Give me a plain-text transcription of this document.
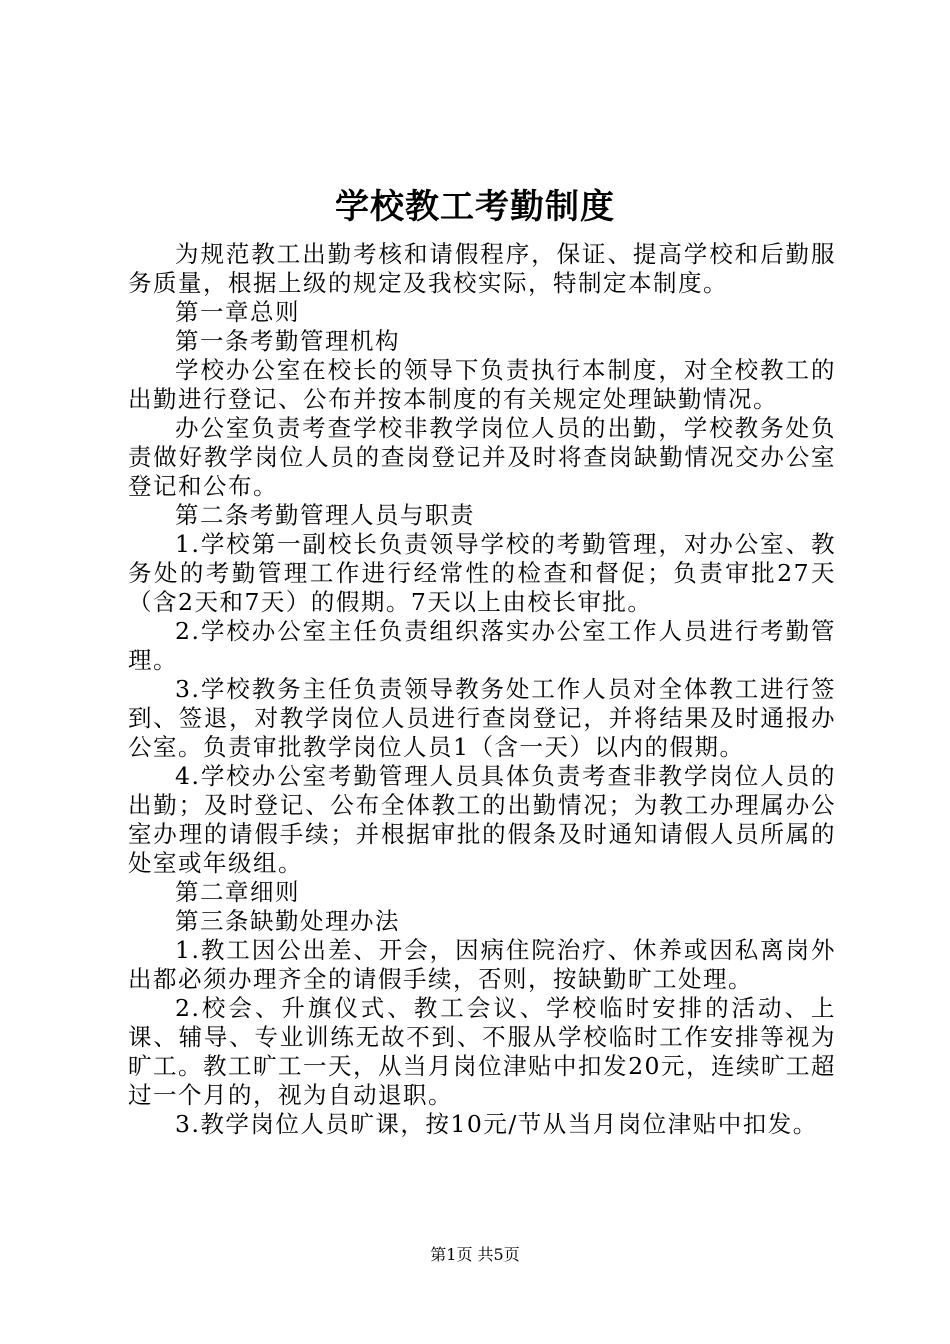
学校教工考勤制度

为规范教工出勤考核和请假程序，保证、提高学校和后勤服务质量，根据上级的规定及我校实际，特制定本制度。

第一章总则

第一条考勤管理机构

学校办公室在校长的领导下负责执行本制度，对全校教工的出勤进行登记、公布并按本制度的有关规定处理缺勤情况。

办公室负责考查学校非教学岗位人员的出勤，学校教务处负责做好教学岗位人员的查岗登记并及时将查岗缺勤情况交办公室登记和公布。

第二条考勤管理人员与职责

1.学校第一副校长负责领导学校的考勤管理，对办公室、教务处的考勤管理工作进行经常性的检查和督促；负责审批27天（含2天和7天）的假期。7天以上由校长审批。

2.学校办公室主任负责组织落实办公室工作人员进行考勤管理。

3.学校教务主任负责领导教务处工作人员对全体教工进行签到、签退，对教学岗位人员进行查岗登记，并将结果及时通报办公室。负责审批教学岗位人员1（含一天）以内的假期。

4.学校办公室考勤管理人员具体负责考查非教学岗位人员的出勤；及时登记、公布全体教工的出勤情况；为教工办理属办公室办理的请假手续；并根据审批的假条及时通知请假人员所属的处室或年级组。

第二章细则

第三条缺勤处理办法

1.教工因公出差、开会，因病住院治疗、休养或因私离岗外出都必须办理齐全的请假手续，否则，按缺勤旷工处理。

2.校会、升旗仪式、教工会议、学校临时安排的活动、上课、辅导、专业训练无故不到、不服从学校临时工作安排等视为旷工。教工旷工一天，从当月岗位津贴中扣发20元，连续旷工超过一个月的，视为自动退职。

3.教学岗位人员旷课，按10元/节从当月岗位津贴中扣发。

第1页 共5页
